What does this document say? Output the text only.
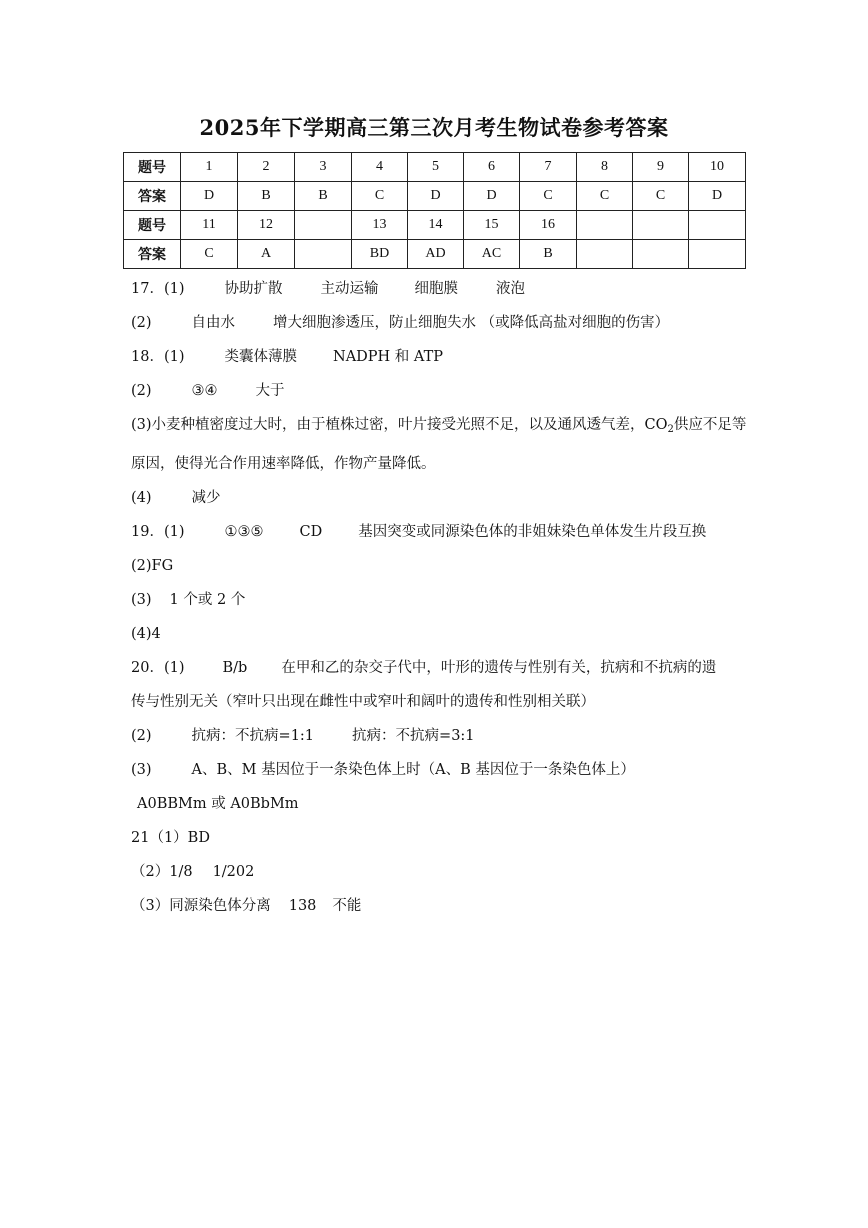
2025年下学期高三第三次月考生物试卷参考答案
题号	1	2	3	4	5	6	7	8	9	10
答案	D	B	B	C	D	D	C	C	C	D
题号	11	12		13	14	15	16			
答案	C	A		BD	AD	AC	B			
17．(1)	协助扩散	主动运输 细胞膜	液泡
(2)	自由水	增大细胞渗透压，防止细胞失水 （或降低高盐对细胞的伤害）
18．(1)	类囊体薄膜 NADPH 和 ATP
(2)	③④	大于
(3)小麦种植密度过大时，由于植株过密，叶片接受光照不足，以及通风透气差，$CO_2$供应不足等原因，使得光合作用速率降低，作物产量降低。
(4)	减少
19．(1)	①③⑤ CD 基因突变或同源染色体的非姐妹染色单体发生片段互换
(2)FG
(3) 1 个或 2 个
(4)4
20．(1)	B/b 在甲和乙的杂交子代中，叶形的遗传与性别有关，抗病和不抗病的遗
传与性别无关（窄叶只出现在雌性中或窄叶和阔叶的遗传和性别相关联）
(2)	抗病：不抗病=1:1	抗病：不抗病=3:1
(3)	A、B、M 基因位于一条染色体上时（A、B 基因位于一条染色体上）
A0BBMm 或 A0BbMm
21（1）BD
（2）1/8 1/202
（3）同源染色体分离 138 不能
